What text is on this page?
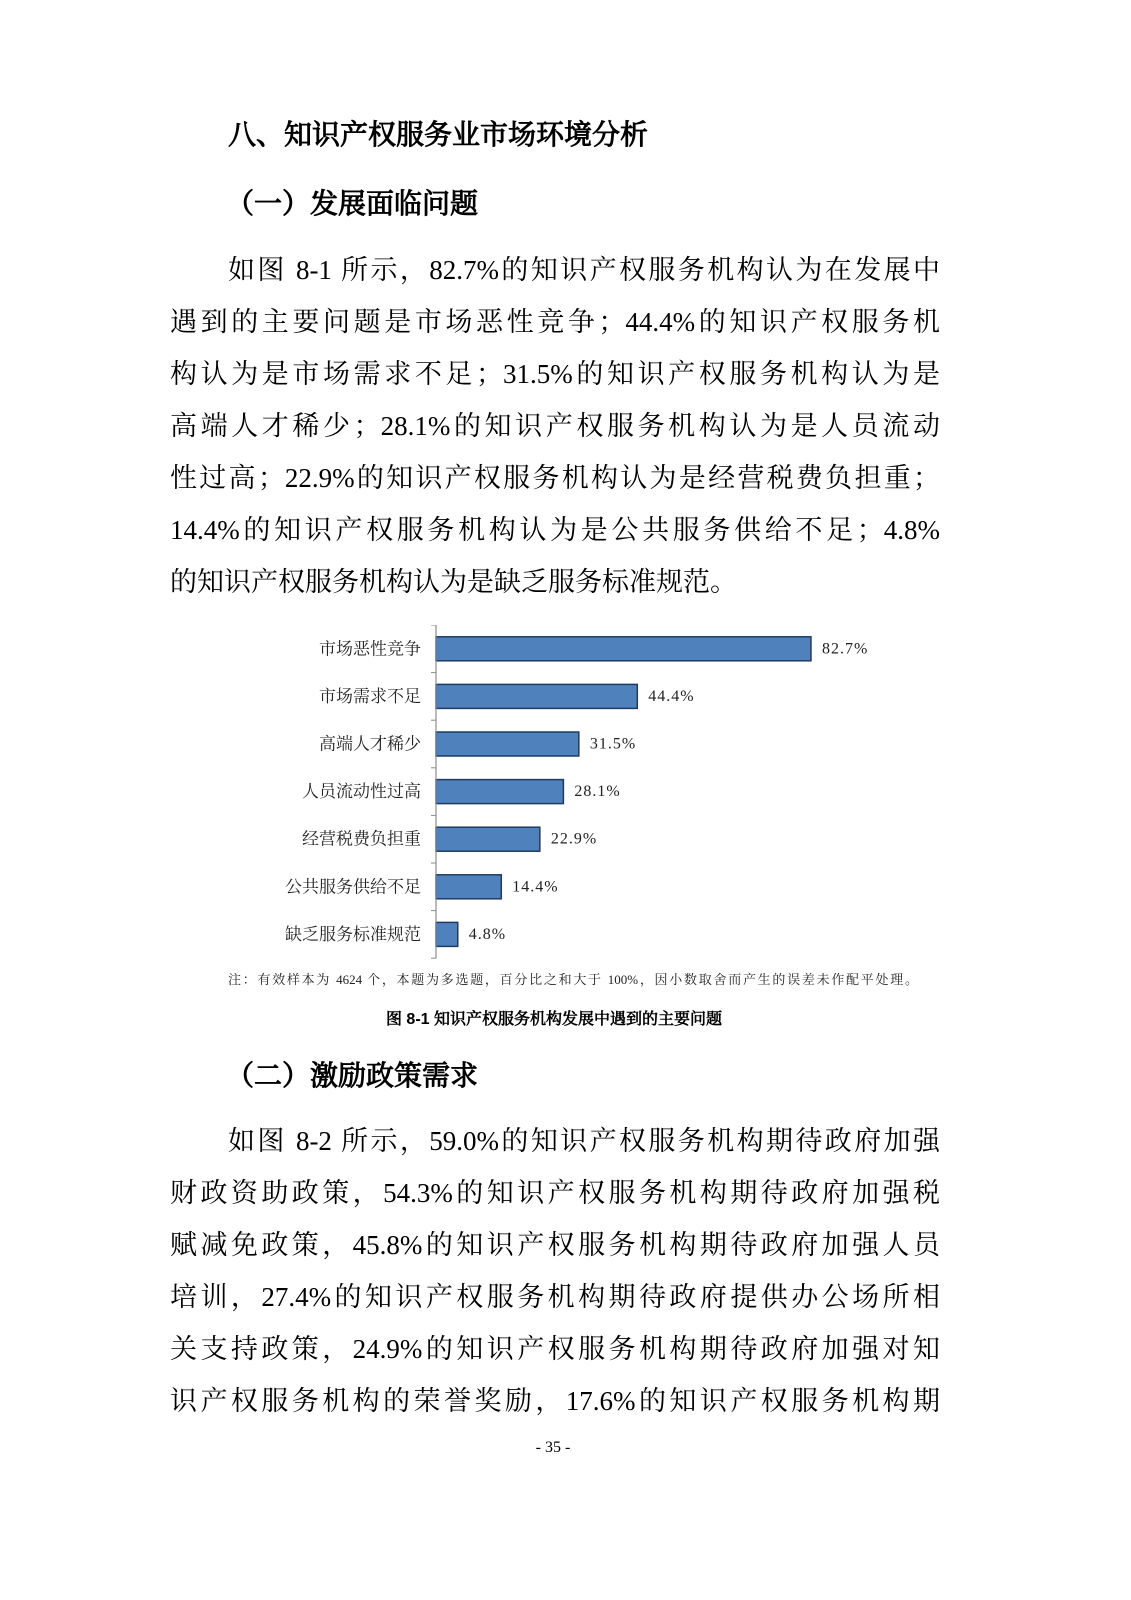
八、知识产权服务业市场环境分析
（一）发展面临问题
如图 8-1 所示，82.7%的知识产权服务机构认为在发展中
遇到的主要问题是市场恶性竞争；44.4%的知识产权服务机
构认为是市场需求不足；31.5%的知识产权服务机构认为是
高端人才稀少；28.1%的知识产权服务机构认为是人员流动
性过高；22.9%的知识产权服务机构认为是经营税费负担重；
14.4%的知识产权服务机构认为是公共服务供给不足；4.8%
的知识产权服务机构认为是缺乏服务标准规范。
市场恶性竞争	82.7%
市场需求不足	44.4%
高端人才稀少	31.5%
人员流动性过高	28.1%
经营税费负担重	22.9%
公共服务供给不足	14.4%
缺乏服务标准规范	4.8%
注：有效样本为 4624 个，本题为多选题，百分比之和大于 100%，因小数取舍而产生的误差未作配平处理。
图 8-1 知识产权服务机构发展中遇到的主要问题
（二）激励政策需求
如图 8-2 所示，59.0%的知识产权服务机构期待政府加强
财政资助政策，54.3%的知识产权服务机构期待政府加强税
赋减免政策，45.8%的知识产权服务机构期待政府加强人员
培训，27.4%的知识产权服务机构期待政府提供办公场所相
关支持政策，24.9%的知识产权服务机构期待政府加强对知
识产权服务机构的荣誉奖励，17.6%的知识产权服务机构期
- 35 -
